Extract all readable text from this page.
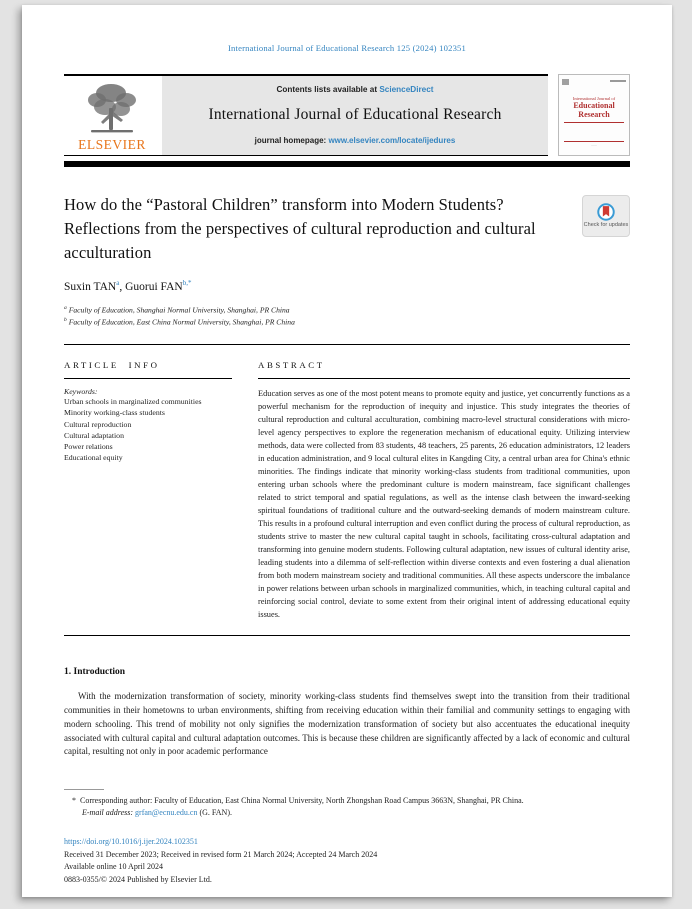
International Journal of Educational Research 125 (2024) 102351
ELSEVIER
Contents lists available at ScienceDirect
International Journal of Educational Research
journal homepage: www.elsevier.com/locate/ijedures
International Journal of
Educational
Research
‾‾‾‾‾
Check for updates
How do the “Pastoral Children” transform into Modern Students? Reflections from the perspectives of cultural reproduction and cultural acculturation
Suxin TAN$^a$, Guorui $FAN^{b,*}$
$^a$ Faculty of Education, Shanghai Normal University, Shanghai, PR China
$^b$ Faculty of Education, East China Normal University, Shanghai, PR China
ARTICLE INFO
Keywords:
Urban schools in marginalized communities
Minority working-class students
Cultural reproduction
Cultural adaptation
Power relations
Educational equity
ABSTRACT
Education serves as one of the most potent means to promote equity and justice, yet concurrently functions as a powerful mechanism for the reproduction of inequity and injustice. This study integrates the theories of cultural reproduction and cultural acculturation, combining macro-level structural considerations with micro-level agency perspectives to explore the regeneration mechanism of educational equity. Utilizing interview methods, data were collected from 83 students, 48 teachers, 25 parents, 26 education administrators, 12 leaders in education administration, and 9 local cultural elites in Kangding City, a central urban area for China's ethnic minorities. The findings indicate that minority working-class students from traditional communities, upon entering urban schools where the predominant culture is modern mainstream, face significant challenges related to strict temporal and spatial regulations, as well as the intense clash between the inward-seeking spiritual foundations of traditional culture and the outward-seeking demands of modern mainstream culture. This results in a profound cultural interruption and even conflict during the process of cultural reproduction, as students strive to master the new cultural capital taught in schools, facilitating cross-cultural adaptation and transforming into genuine modern students. Following cultural adaptation, new issues of cultural identity arise, leading students into a dilemma of self-reflection within diverse contexts and even fostering a dual alienation from both modern mainstream society and traditional communities. All these aspects underscore the imbalance in power relations between urban schools in marginalized communities, which, in teaching cultural capital and reinforcing social control, deviate to some extent from their original intent of addressing educational equity issues.
1. Introduction
With the modernization transformation of society, minority working-class students find themselves swept into the transition from their traditional communities in their hometowns to urban environments, shifting from receiving education within their familial and community settings to engaging with modern schooling. This trend of mobility not only signifies the modernization transformation of society but also accentuates the educational inequity associated with cultural capital and cultural adaptation outcomes. This is because these children are significantly affected by a lack of economic and cultural capital, resulting not only in poor academic performance
* Corresponding author: Faculty of Education, East China Normal University, North Zhongshan Road Campus 3663N, Shanghai, PR China.
E-mail address: grfan@ecnu.edu.cn (G. FAN).
https://doi.org/10.1016/j.ijer.2024.102351
Received 31 December 2023; Received in revised form 21 March 2024; Accepted 24 March 2024
Available online 10 April 2024
0883-0355/© 2024 Published by Elsevier Ltd.
